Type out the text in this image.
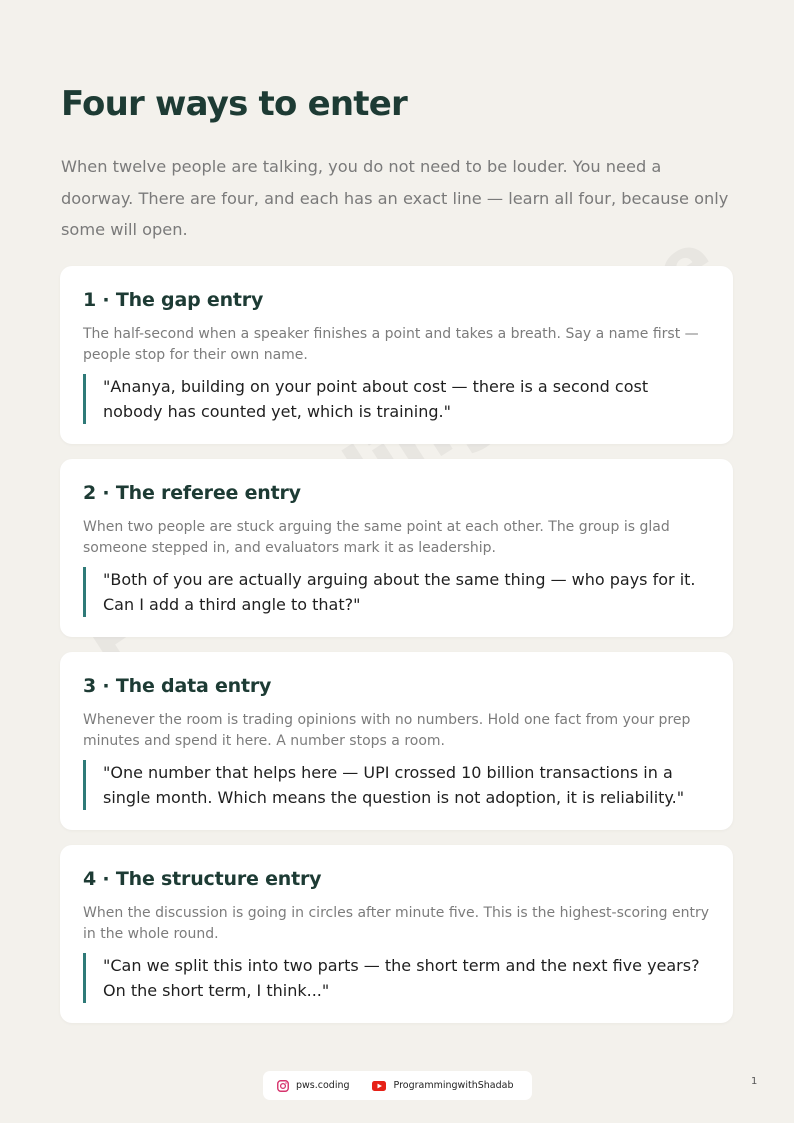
Four ways to enter

When twelve people are talking, you do not need to be louder. You need a doorway. There are four, and each has an exact line — learn all four, because only some will open.

1 · The gap entry

The half-second when a speaker finishes a point and takes a breath. Say a name first — people stop for their own name.

"Ananya, building on your point about cost — there is a second cost nobody has counted yet, which is training."

2 · The referee entry

When two people are stuck arguing the same point at each other. The group is glad someone stepped in, and evaluators mark it as leadership.

"Both of you are actually arguing about the same thing — who pays for it. Can I add a third angle to that?"

3 · The data entry

Whenever the room is trading opinions with no numbers. Hold one fact from your prep minutes and spend it here. A number stops a room.

"One number that helps here — UPI crossed 10 billion transactions in a single month. Which means the question is not adoption, it is reliability."

4 · The structure entry

When the discussion is going in circles after minute five. This is the highest-scoring entry in the whole round.

"Can we split this into two parts — the short term and the next five years? On the short term, I think..."

pws.coding	ProgrammingwithShadab	1
